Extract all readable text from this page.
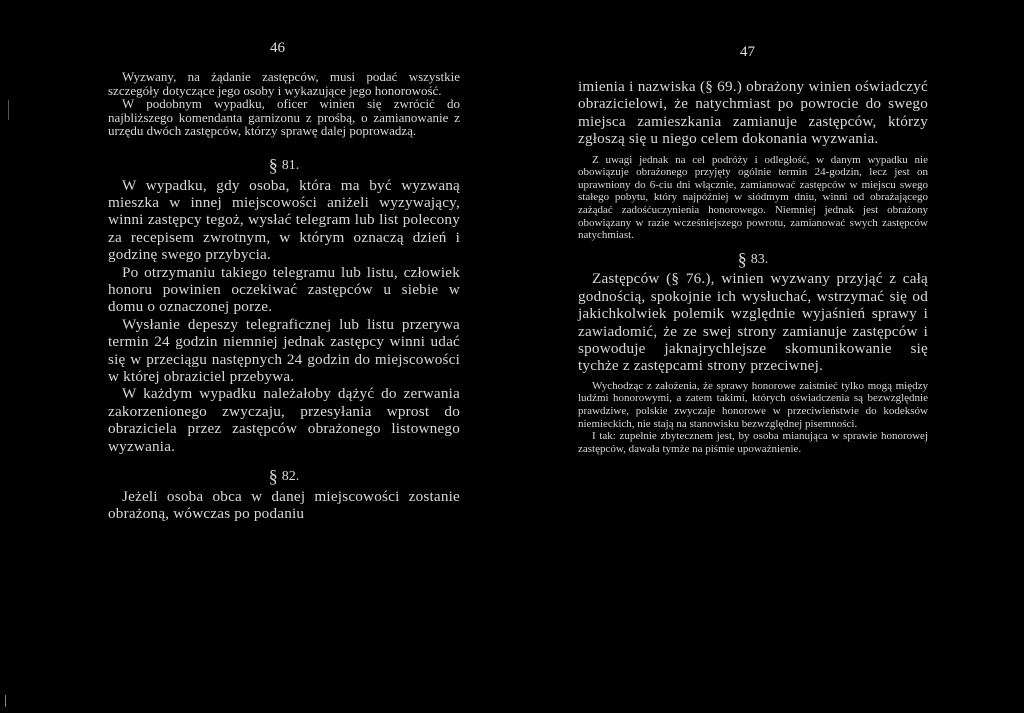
46	47

Wyzwany, na żądanie zastępców, musi podać wszystkie szczegóły dotyczące jego osoby i wykazujące jego honorowość.

W podobnym wypadku, oficer winien się zwrócić do najbliższego komendanta garnizonu z prośbą, o zamianowanie z urzędu dwóch zastępców, którzy sprawę dalej poprowadzą.

§ 81.

W wypadku, gdy osoba, która ma być wyzwaną mieszka w innej miejscowości aniżeli wyzywający, winni zastępcy tegoż, wysłać telegram lub list polecony za recepisem zwrotnym, w którym oznaczą dzień i godzinę swego przybycia.

Po otrzymaniu takiego telegramu lub listu, człowiek honoru powinien oczekiwać zastępców u siebie w domu o oznaczonej porze.

Wysłanie depeszy telegraficznej lub listu przerywa termin 24 godzin niemniej jednak zastępcy winni udać się w przeciągu następnych 24 godzin do miejscowości w której obraziciel przebywa.

W każdym wypadku należałoby dążyć do zerwania zakorzenionego zwyczaju, przesyłania wprost do obraziciela przez zastępców obrażonego listownego wyzwania.

§ 82.

Jeżeli osoba obca w danej miejscowości zostanie obrażoną, wówczas po podaniu

imienia i nazwiska (§ 69.) obrażony winien oświadczyć obrazicielowi, że natychmiast po powrocie do swego miejsca zamieszkania zamianuje zastępców, którzy zgłoszą się u niego celem dokonania wyzwania.

Z uwagi jednak na cel podróży i odległość, w danym wypadku nie obowiązuje obrażonego przyjęty ogólnie termin 24-godzin, lecz jest on uprawniony do 6-ciu dni włącznie, zamianować zastępców w miejscu swego stałego pobytu, który najpóźniej w siódmym dniu, winni od obrażającego zażądać zadośćuczynienia honorowego. Niemniej jednak jest obrażony obowiązany w razie wcześniejszego powrotu, zamianować swych zastępców natychmiast.

§ 83.

Zastępców (§ 76.), winien wyzwany przyjąć z całą godnością, spokojnie ich wysłuchać, wstrzymać się od jakichkolwiek polemik względnie wyjaśnień sprawy i zawiadomić, że ze swej strony zamianuje zastępców i spowoduje jaknajrychlejsze skomunikowanie się tychże z zastępcami strony przeciwnej.

Wychodząc z założenia, że sprawy honorowe zaistnieć tylko mogą między ludźmi honorowymi, a zatem takimi, których oświadczenia są bezwzględnie prawdziwe, polskie zwyczaje honorowe w przeciwieństwie do kodeksów niemieckich, nie stają na stanowisku bezwzględnej pisemności.

I tak: zupełnie zbytecznem jest, by osoba mianująca w sprawie honorowej zastępców, dawała tymże na piśmie upoważnienie.
